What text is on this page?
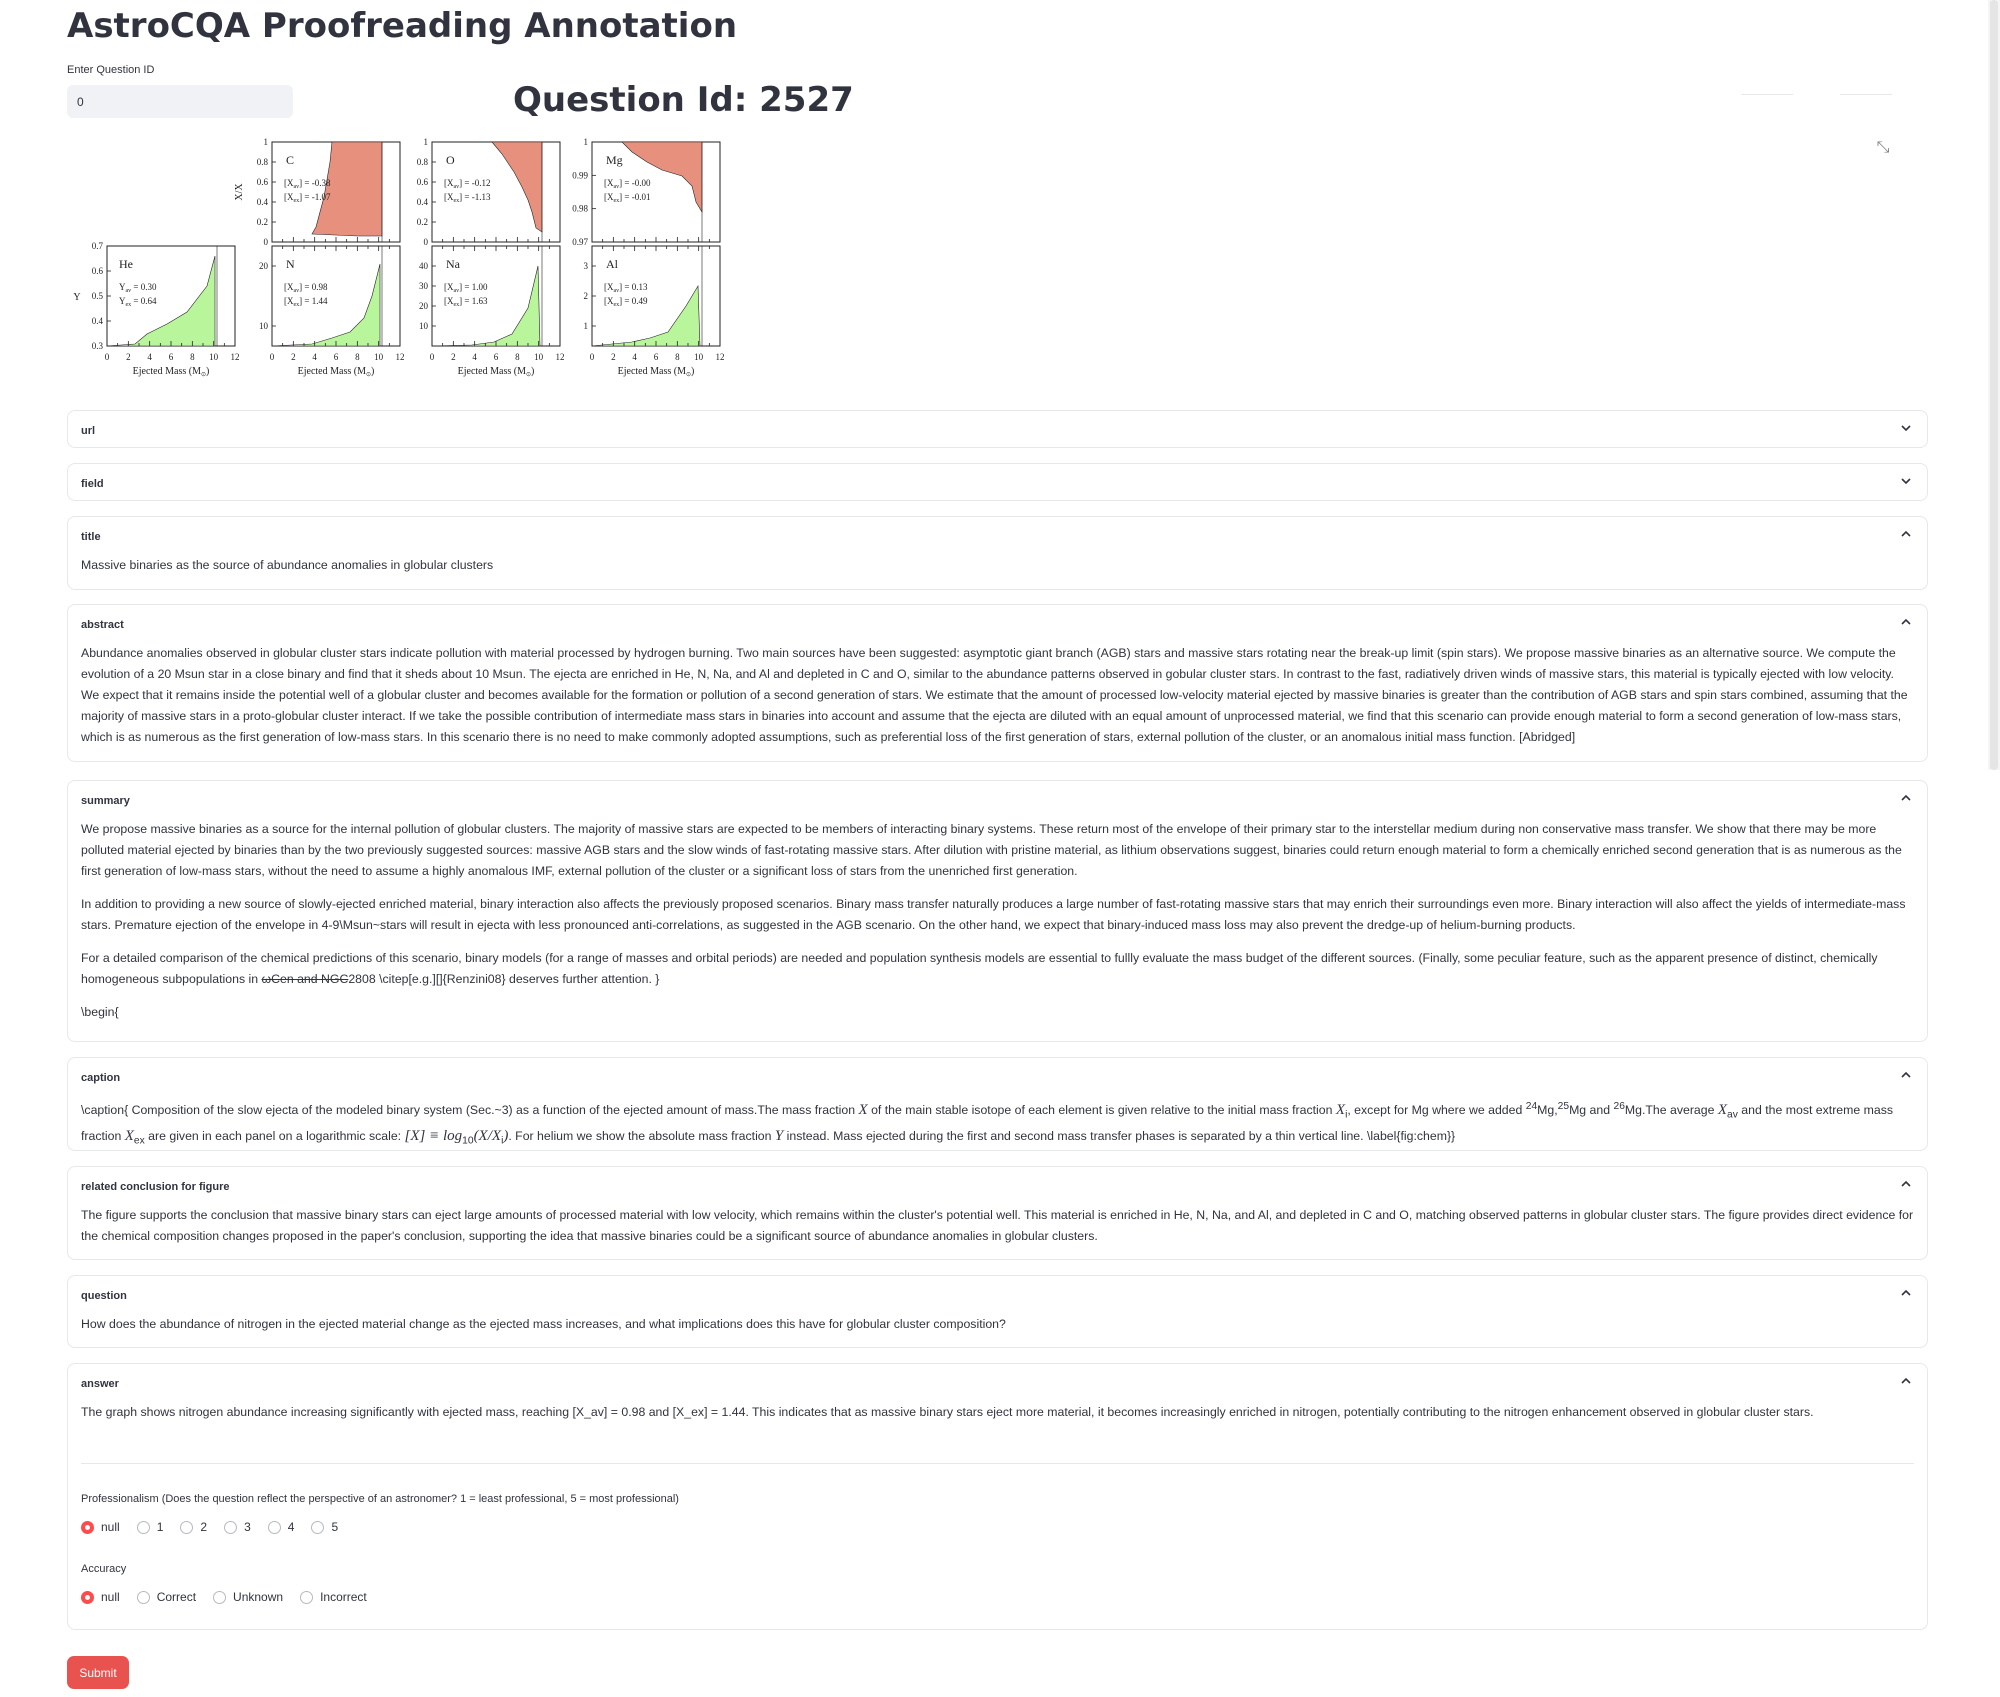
AstroCQA Proofreading Annotation
Enter Question ID
0
Question Id: 2527
⤡
1
0.8
0.6
0.4
0.2
0
C
$[X_{av}] = -0.38$
$[X_{ex}] = -1.07$
1
0.8
0.6
0.4
0.2
0
O
$[X_{av}] = -0.12$
$[X_{ex}] = -1.13$
1
0.99
0.98
0.97
Mg
$[X_{av}] = -0.00$
$[X_{ex}] = -0.01$
X/X
0.7
0.6
0.5
0.4
0.3
He
$Y_{av} = 0.30$
$Y_{ex} = 0.64$
Y
20
10
N
$[X_{av}] = 0.98$
$[X_{ex}] = 1.44$
40
30
20
10
Na
$[X_{av}] = 1.00$
$[X_{ex}] = 1.63$
3
2
1
Al
$[X_{av}] = 0.13$
$[X_{ex}] = 0.49$
0 2 4 6 8 10 12
Ejected Mass $(M_⊙)$
0 2 4 6 8 10 12
Ejected Mass $(M_⊙)$
0 2 4 6 8 10 12
Ejected Mass $(M_⊙)$
0 2 4 6 8 10 12
Ejected Mass $(M_⊙)$
url
field
title
Massive binaries as the source of abundance anomalies in globular clusters
abstract
Abundance anomalies observed in globular cluster stars indicate pollution with material processed by hydrogen burning. Two main sources have been suggested: asymptotic giant branch (AGB) stars and massive stars rotating near the break-up limit (spin stars). We propose massive binaries as an alternative source. We compute the evolution of a 20 Msun star in a close binary and find that it sheds about 10 Msun. The ejecta are enriched in He, N, Na, and Al and depleted in C and O, similar to the abundance patterns observed in gobular cluster stars. In contrast to the fast, radiatively driven winds of massive stars, this material is typically ejected with low velocity. We expect that it remains inside the potential well of a globular cluster and becomes available for the formation or pollution of a second generation of stars. We estimate that the amount of processed low-velocity material ejected by massive binaries is greater than the contribution of AGB stars and spin stars combined, assuming that the majority of massive stars in a proto-globular cluster interact. If we take the possible contribution of intermediate mass stars in binaries into account and assume that the ejecta are diluted with an equal amount of unprocessed material, we find that this scenario can provide enough material to form a second generation of low-mass stars, which is as numerous as the first generation of low-mass stars. In this scenario there is no need to make commonly adopted assumptions, such as preferential loss of the first generation of stars, external pollution of the cluster, or an anomalous initial mass function. [Abridged]
summary

We propose massive binaries as a source for the internal pollution of globular clusters. The majority of massive stars are expected to be members of interacting binary systems. These return most of the envelope of their primary star to the interstellar medium during non conservative mass transfer. We show that there may be more polluted material ejected by binaries than by the two previously suggested sources: massive AGB stars and the slow winds of fast-rotating massive stars. After dilution with pristine material, as lithium observations suggest, binaries could return enough material to form a chemically enriched second generation that is as numerous as the first generation of low-mass stars, without the need to assume a highly anomalous IMF, external pollution of the cluster or a significant loss of stars from the unenriched first generation.

In addition to providing a new source of slowly-ejected enriched material, binary interaction also affects the previously proposed scenarios. Binary mass transfer naturally produces a large number of fast-rotating massive stars that may enrich their surroundings even more. Binary interaction will also affect the yields of intermediate-mass stars. Premature ejection of the envelope in 4-9\Msun~stars will result in ejecta with less pronounced anti-correlations, as suggested in the AGB scenario. On the other hand, we expect that binary-induced mass loss may also prevent the dredge-up of helium-burning products.

For a detailed comparison of the chemical predictions of this scenario, binary models (for a range of masses and orbital periods) are needed and population synthesis models are essential to fullly evaluate the mass budget of the different sources. (Finally, some peculiar feature, such as the apparent presence of distinct, chemically homogeneous subpopulations in ωCen and NGC2808 \citep[e.g.][]{Renzini08} deserves further attention. }

\begin{

caption
\caption{ Composition of the slow ejecta of the modeled binary system (Sec.~3) as a function of the ejected amount of mass.The mass fraction X of the main stable isotope of each element is given relative to the initial mass fraction $X_i$, except for Mg where we added $^{24}$Mg,$^{25}$Mg and $^{26}$Mg.The average $X_{av}$ and the most extreme mass fraction $X_{ex}$ are given in each panel on a logarithmic scale: $[X] \equiv \log_{10}(X/X_i)$. For helium we show the absolute mass fraction Y instead. Mass ejected during the first and second mass transfer phases is separated by a thin vertical line. \label{fig:chem}}
related conclusion for figure
The figure supports the conclusion that massive binary stars can eject large amounts of processed material with low velocity, which remains within the cluster's potential well. This material is enriched in He, N, Na, and Al, and depleted in C and O, matching observed patterns in globular cluster stars. The figure provides direct evidence for the chemical composition changes proposed in the paper's conclusion, supporting the idea that massive binaries could be a significant source of abundance anomalies in globular clusters.
question
How does the abundance of nitrogen in the ejected material change as the ejected mass increases, and what implications does this have for globular cluster composition?
answer
The graph shows nitrogen abundance increasing significantly with ejected mass, reaching [X_av] = 0.98 and [X_ex] = 1.44. This indicates that as massive binary stars eject more material, it becomes increasingly enriched in nitrogen, potentially contributing to the nitrogen enhancement observed in globular cluster stars.
Professionalism (Does the question reflect the perspective of an astronomer? 1 = least professional, 5 = most professional)
null	1	2	3	4	5
Accuracy
null	Correct	Unknown	Incorrect
Submit
